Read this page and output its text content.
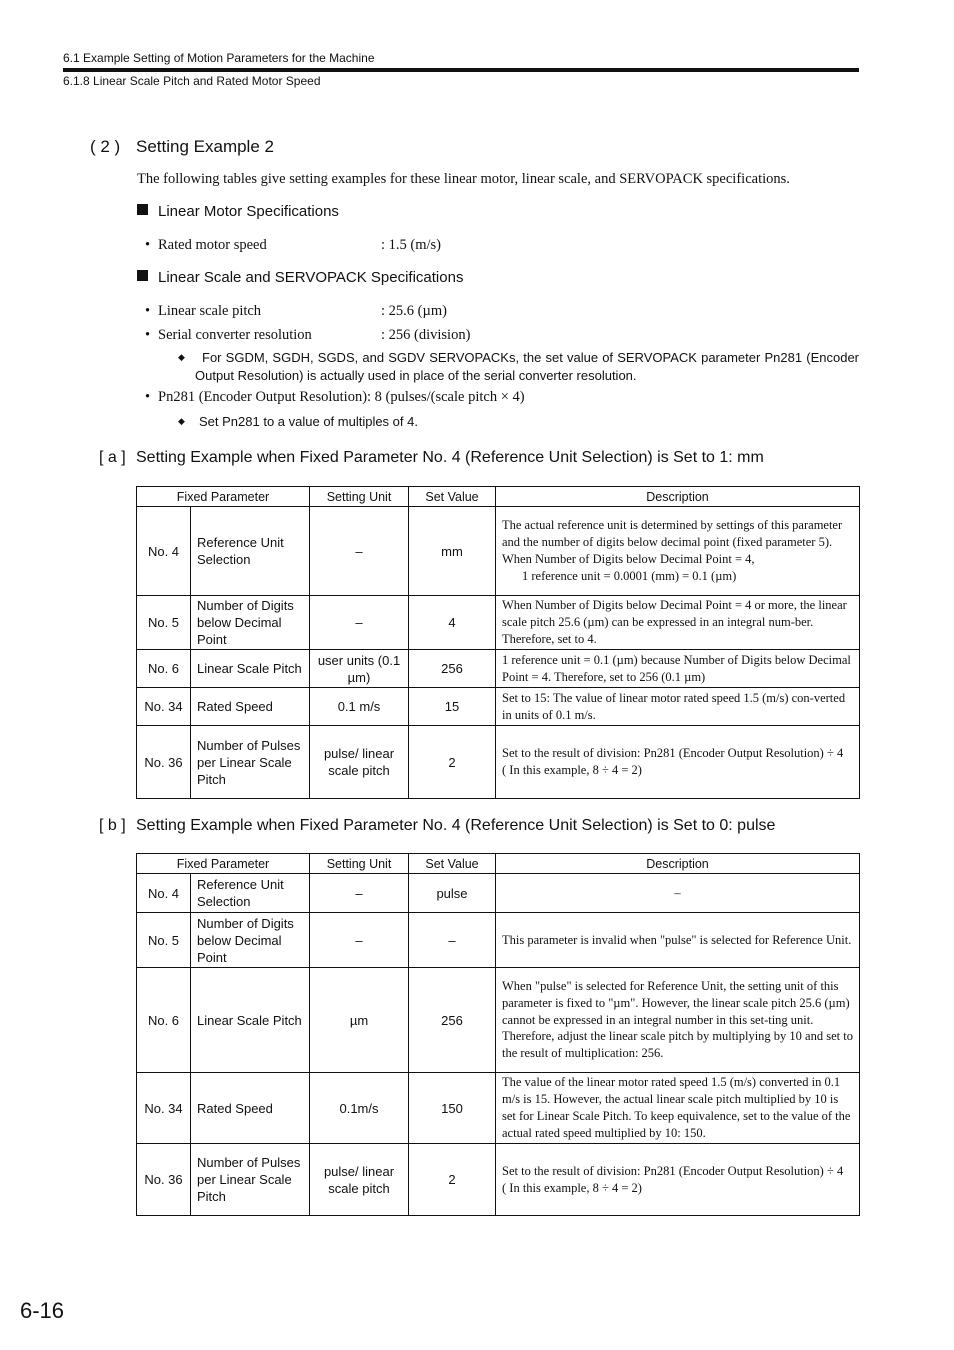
6.1 Example Setting of Motion Parameters for the Machine
6.1.8 Linear Scale Pitch and Rated Motor Speed
( 2 ) Setting Example 2
The following tables give setting examples for these linear motor, linear scale, and SERVOPACK specifications.
Linear Motor Specifications
• Rated motor speed	: 1.5 (m/s)
Linear Scale and SERVOPACK Specifications
• Linear scale pitch	: 25.6 (µm)
• Serial converter resolution	: 256 (division)
◆	For SGDM, SGDH, SGDS, and SGDV SERVOPACKs, the set value of SERVOPACK parameter Pn281 (Encoder Output Resolution) is actually used in place of the serial converter resolution.
• Pn281 (Encoder Output Resolution): 8 (pulses/(scale pitch × 4)
◆ Set Pn281 to a value of multiples of 4.
[ a ] Setting Example when Fixed Parameter No. 4 (Reference Unit Selection) is Set to 1: mm
Fixed Parameter		Setting Unit	Set Value	Description
No. 4	Reference Unit Selection	–	mm	The actual reference unit is determined by settings of this parameter and the number of digits below decimal point (fixed parameter 5).
When Number of Digits below Decimal Point = 4,
1 reference unit = 0.0001 (mm) = 0.1 (µm)

No. 5	Number of Digits below Decimal Point	–	4	When Number of Digits below Decimal Point = 4 or more, the linear scale pitch 25.6 (µm) can be expressed in an integral num-ber. Therefore, set to 4.

No. 6	Linear Scale Pitch	user units (0.1 µm)	256	1 reference unit = 0.1 (µm) because Number of Digits below Decimal Point = 4. Therefore, set to 256 (0.1 µm)

No. 34	Rated Speed	0.1 m/s	15	Set to 15: The value of linear motor rated speed 1.5 (m/s) con-verted in units of 0.1 m/s.

No. 36	Number of Pulses per Linear Scale Pitch	pulse/ linear scale pitch	2	Set to the result of division: Pn281 (Encoder Output Resolution) ÷ 4
( In this example, 8 ÷ 4 = 2)
[ b ] Setting Example when Fixed Parameter No. 4 (Reference Unit Selection) is Set to 0: pulse
Fixed Parameter		Setting Unit	Set Value	Description
No. 4	Reference Unit Selection	–	pulse	–

No. 5	Number of Digits below Decimal Point	–	–	This parameter is invalid when "pulse" is selected for Reference Unit.

No. 6	Linear Scale Pitch	µm	256	When "pulse" is selected for Reference Unit, the setting unit of this parameter is fixed to "µm". However, the linear scale pitch 25.6 (µm) cannot be expressed in an integral number in this set-ting unit.
Therefore, adjust the linear scale pitch by multiplying by 10 and set to the result of multiplication: 256.

No. 34	Rated Speed	0.1m/s	150	The value of the linear motor rated speed 1.5 (m/s) converted in 0.1 m/s is 15. However, the actual linear scale pitch multiplied by 10 is set for Linear Scale Pitch. To keep equivalence, set to the value of the actual rated speed multiplied by 10: 150.

No. 36	Number of Pulses per Linear Scale Pitch	pulse/ linear scale pitch	2	Set to the result of division: Pn281 (Encoder Output Resolution) ÷ 4
( In this example, 8 ÷ 4 = 2)
6-16
